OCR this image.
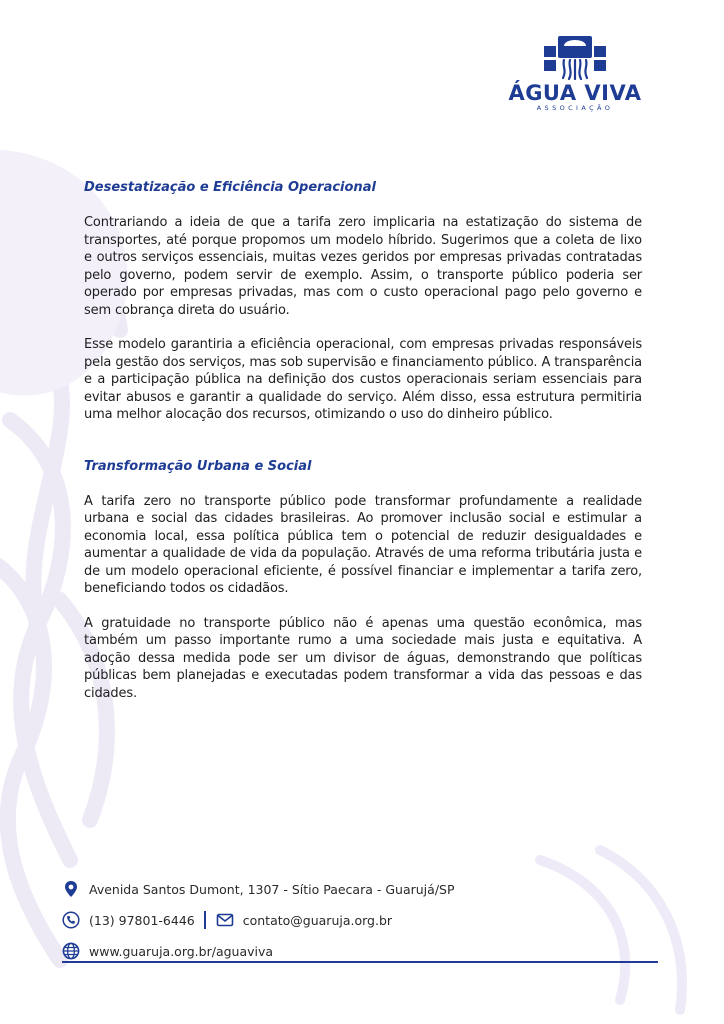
ÁGUA VIVA
ASSOCIAÇÃO
Desestatização e Eficiência Operacional

Contrariando a ideia de que a tarifa zero implicaria na estatização do sistema de transportes, até porque propomos um modelo híbrido. Sugerimos que a coleta de lixo e outros serviços essenciais, muitas vezes geridos por empresas privadas contratadas pelo governo, podem servir de exemplo. Assim, o transporte público poderia ser operado por empresas privadas, mas com o custo operacional pago pelo governo e sem cobrança direta do usuário.

Esse modelo garantiria a eficiência operacional, com empresas privadas responsáveis pela gestão dos serviços, mas sob supervisão e financiamento público. A transparência e a participação pública na definição dos custos operacionais seriam essenciais para evitar abusos e garantir a qualidade do serviço. Além disso, essa estrutura permitiria uma melhor alocação dos recursos, otimizando o uso do dinheiro público.

Transformação Urbana e Social

A tarifa zero no transporte público pode transformar profundamente a realidade urbana e social das cidades brasileiras. Ao promover inclusão social e estimular a economia local, essa política pública tem o potencial de reduzir desigualdades e aumentar a qualidade de vida da população. Através de uma reforma tributária justa e de um modelo operacional eficiente, é possível financiar e implementar a tarifa zero, beneficiando todos os cidadãos.

A gratuidade no transporte público não é apenas uma questão econômica, mas também um passo importante rumo a uma sociedade mais justa e equitativa. A adoção dessa medida pode ser um divisor de águas, demonstrando que políticas públicas bem planejadas e executadas podem transformar a vida das pessoas e das cidades.

Avenida Santos Dumont, 1307 - Sítio Paecara - Guarujá/SP
(13) 97801-6446	contato@guaruja.org.br
www.guaruja.org.br/aguaviva
